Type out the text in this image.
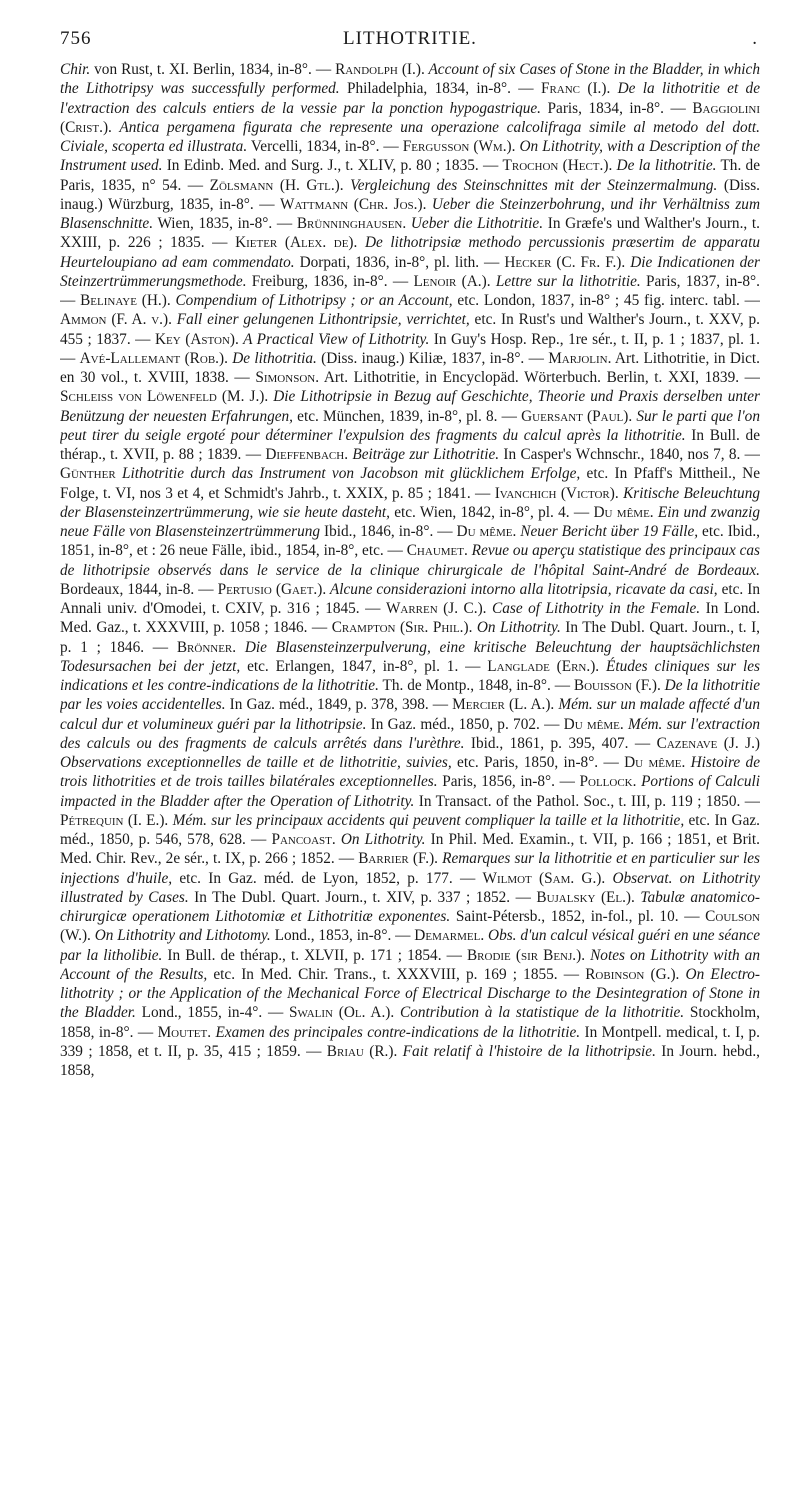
756	LITHOTRITIE.	.

Chir. von Rust, t. XI. Berlin, 1834, in-8°. — Randolph (I.). Account of six Cases of Stone in the Bladder, in which the Lithotripsy was successfully performed. Philadelphia, 1834, in-8°. — Franc (I.). De la lithotritie et de l'extraction des calculs entiers de la vessie par la ponction hypogastrique. Paris, 1834, in-8°. — Baggiolini (Crist.). Antica pergamena figurata che represente una operazione calcolifraga simile al metodo del dott. Civiale, scoperta ed illustrata. Vercelli, 1834, in-8°. — Fergusson (Wm.). On Lithotrity, with a Description of the Instrument used. In Edinb. Med. and Surg. J., t. XLIV, p. 80 ; 1835. — Trochon (Hect.). De la lithotritie. Th. de Paris, 1835, n° 54. — Zölsmann (H. Gtl.). Vergleichung des Steinschnittes mit der Steinzermalmung. (Diss. inaug.) Würzburg, 1835, in-8°. — Wattmann (Chr. Jos.). Ueber die Steinzerbohrung, und ihr Verhältniss zum Blasenschnitte. Wien, 1835, in-8°. — Brünninghausen. Ueber die Lithotritie. In Græfe's und Walther's Journ., t. XXIII, p. 226 ; 1835. — Kieter (Alex. de). De lithotripsiæ methodo percussionis præsertim de apparatu Heurteloupiano ad eam commendato. Dorpati, 1836, in-8°, pl. lith. — Hecker (C. Fr. F.). Die Indicationen der Steinzertrümmerungsmethode. Freiburg, 1836, in-8°. — Lenoir (A.). Lettre sur la lithotritie. Paris, 1837, in-8°. — Belinaye (H.). Compendium of Lithotripsy ; or an Account, etc. London, 1837, in-8° ; 45 fig. interc. tabl. — Ammon (F. A. v.). Fall einer gelungenen Lithontripsie, verrichtet, etc. In Rust's und Walther's Journ., t. XXV, p. 455 ; 1837. — Key (Aston). A Practical View of Lithotrity. In Guy's Hosp. Rep., 1re sér., t. II, p. 1 ; 1837, pl. 1. — Avé-Lallemant (Rob.). De lithotritia. (Diss. inaug.) Kiliæ, 1837, in-8°. — Marjolin. Art. Lithotritie, in Dict. en 30 vol., t. XVIII, 1838. — Simonson. Art. Lithotritie, in Encyclopäd. Wörterbuch. Berlin, t. XXI, 1839. — Schleiss von Löwenfeld (M. J.). Die Lithotripsie in Bezug auf Geschichte, Theorie und Praxis derselben unter Benützung der neuesten Erfahrungen, etc. München, 1839, in-8°, pl. 8. — Guersant (Paul). Sur le parti que l'on peut tirer du seigle ergoté pour déterminer l'expulsion des fragments du calcul après la lithotritie. In Bull. de thérap., t. XVII, p. 88 ; 1839. — Dieffenbach. Beiträge zur Lithotritie. In Casper's Wchnschr., 1840, nos 7, 8. — Günther Lithotritie durch das Instrument von Jacobson mit glücklichem Erfolge, etc. In Pfaff's Mittheil., Ne Folge, t. VI, nos 3 et 4, et Schmidt's Jahrb., t. XXIX, p. 85 ; 1841. — Ivanchich (Victor). Kritische Beleuchtung der Blasensteinzertrümmerung, wie sie heute dasteht, etc. Wien, 1842, in-8°, pl. 4. — Du même. Ein und zwanzig neue Fälle von Blasensteinzertrümmerung Ibid., 1846, in-8°. — Du même. Neuer Bericht über 19 Fälle, etc. Ibid., 1851, in-8°, et : 26 neue Fälle, ibid., 1854, in-8°, etc. — Chaumet. Revue ou aperçu statistique des principaux cas de lithotripsie observés dans le service de la clinique chirurgicale de l'hôpital Saint-André de Bordeaux. Bordeaux, 1844, in-8. — Pertusio (Gaet.). Alcune considerazioni intorno alla litotripsia, ricavate da casi, etc. In Annali univ. d'Omodei, t. CXIV, p. 316 ; 1845. — Warren (J. C.). Case of Lithotrity in the Female. In Lond. Med. Gaz., t. XXXVIII, p. 1058 ; 1846. — Crampton (Sir. Phil.). On Lithotrity. In The Dubl. Quart. Journ., t. I, p. 1 ; 1846. — Brönner. Die Blasensteinzerpulverung, eine kritische Beleuchtung der hauptsächlichsten Todesursachen bei der jetzt, etc. Erlangen, 1847, in-8°, pl. 1. — Langlade (Ern.). Études cliniques sur les indications et les contre-indications de la lithotritie. Th. de Montp., 1848, in-8°. — Bouisson (F.). De la lithotritie par les voies accidentelles. In Gaz. méd., 1849, p. 378, 398. — Mercier (L. A.). Mém. sur un malade affecté d'un calcul dur et volumineux guéri par la lithotripsie. In Gaz. méd., 1850, p. 702. — Du même. Mém. sur l'extraction des calculs ou des fragments de calculs arrêtés dans l'urèthre. Ibid., 1861, p. 395, 407. — Cazenave (J. J.) Observations exceptionnelles de taille et de lithotritie, suivies, etc. Paris, 1850, in-8°. — Du même. Histoire de trois lithotrities et de trois tailles bilatérales exceptionnelles. Paris, 1856, in-8°. — Pollock. Portions of Calculi impacted in the Bladder after the Operation of Lithotrity. In Transact. of the Pathol. Soc., t. III, p. 119 ; 1850. — Pétrequin (I. E.). Mém. sur les principaux accidents qui peuvent compliquer la taille et la lithotritie, etc. In Gaz. méd., 1850, p. 546, 578, 628. — Pancoast. On Lithotrity. In Phil. Med. Examin., t. VII, p. 166 ; 1851, et Brit. Med. Chir. Rev., 2e sér., t. IX, p. 266 ; 1852. — Barrier (F.). Remarques sur la lithotritie et en particulier sur les injections d'huile, etc. In Gaz. méd. de Lyon, 1852, p. 177. — Wilmot (Sam. G.). Observat. on Lithotrity illustrated by Cases. In The Dubl. Quart. Journ., t. XIV, p. 337 ; 1852. — Bujalsky (El.). Tabulæ anatomico-chirurgicæ operationem Lithotomiæ et Lithotritiæ exponentes. Saint-Pétersb., 1852, in-fol., pl. 10. — Coulson (W.). On Lithotrity and Lithotomy. Lond., 1853, in-8°. — Demarmel. Obs. d'un calcul vésical guéri en une séance par la litholibie. In Bull. de thérap., t. XLVII, p. 171 ; 1854. — Brodie (sir Benj.). Notes on Lithotrity with an Account of the Results, etc. In Med. Chir. Trans., t. XXXVIII, p. 169 ; 1855. — Robinson (G.). On Electro-lithotrity ; or the Application of the Mechanical Force of Electrical Discharge to the Desintegration of Stone in the Bladder. Lond., 1855, in-4°. — Swalin (Ol. A.). Contribution à la statistique de la lithotritie. Stockholm, 1858, in-8°. — Moutet. Examen des principales contre-indications de la lithotritie. In Montpell. medical, t. I, p. 339 ; 1858, et t. II, p. 35, 415 ; 1859. — Briau (R.). Fait relatif à l'histoire de la lithotripsie. In Journ. hebd., 1858,
